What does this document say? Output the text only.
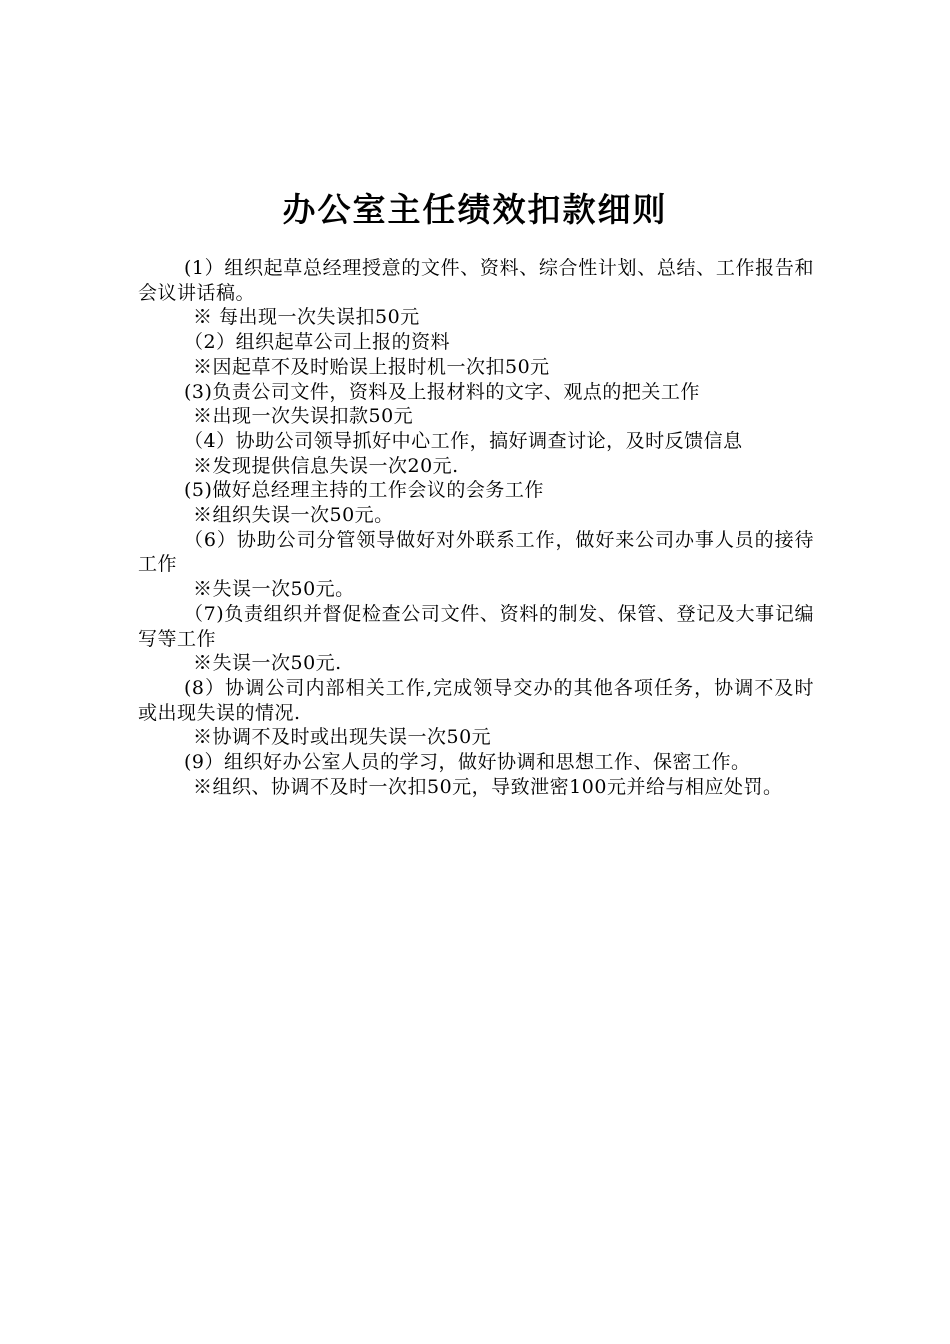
办公室主任绩效扣款细则

(1）组织起草总经理授意的文件、资料、综合性计划、总结、工作报告和会议讲话稿。

※ 每出现一次失误扣50元

（2）组织起草公司上报的资料

※因起草不及时贻误上报时机一次扣50元

(3)负责公司文件，资料及上报材料的文字、观点的把关工作

※出现一次失误扣款50元

（4）协助公司领导抓好中心工作，搞好调查讨论，及时反馈信息

※发现提供信息失误一次20元.

(5)做好总经理主持的工作会议的会务工作

※组织失误一次50元。

（6）协助公司分管领导做好对外联系工作，做好来公司办事人员的接待工作

※失误一次50元。

（7)负责组织并督促检查公司文件、资料的制发、保管、登记及大事记编写等工作

※失误一次50元.

(8）协调公司内部相关工作,完成领导交办的其他各项任务，协调不及时或出现失误的情况.

※协调不及时或出现失误一次50元

(9）组织好办公室人员的学习，做好协调和思想工作、保密工作。

※组织、协调不及时一次扣50元，导致泄密100元并给与相应处罚。
